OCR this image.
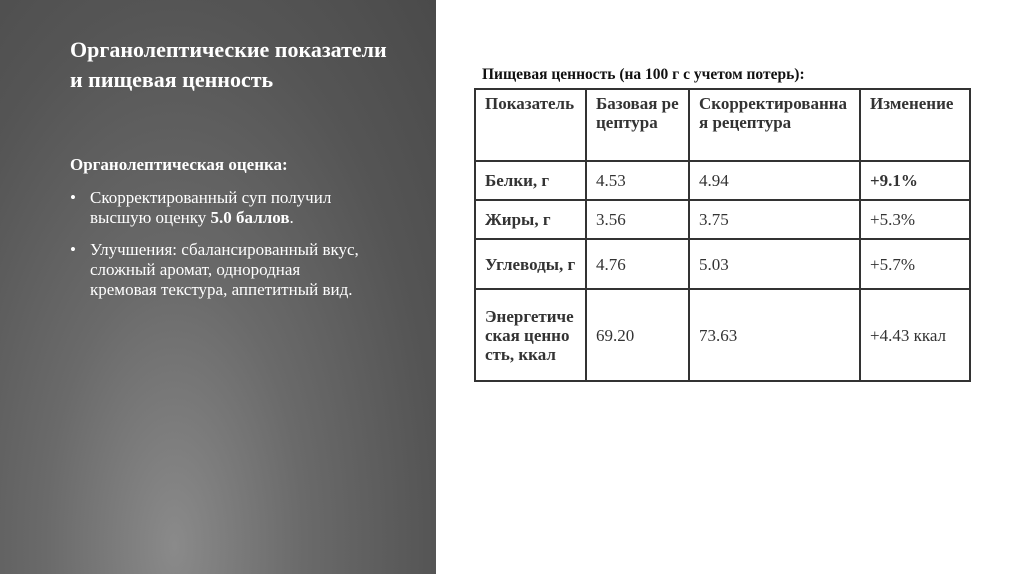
Органолептические показатели и пищевая ценность
Органолептическая оценка:
• Скорректированный суп получил высшую оценку 5.0 баллов.
• Улучшения: сбалансированный вкус, сложный аромат, однородная кремовая текстура, аппетитный вид.
Пищевая ценность (на 100 г с учетом потерь):
Показатель	Базовая рецептура	Скорректированная рецептура	Изменение
Белки, г	4.53	4.94	+9.1%
Жиры, г	3.56	3.75	+5.3%
Углеводы, г	4.76	5.03	+5.7%
Энергетическая ценность, ккал	69.20	73.63	+4.43 ккал
